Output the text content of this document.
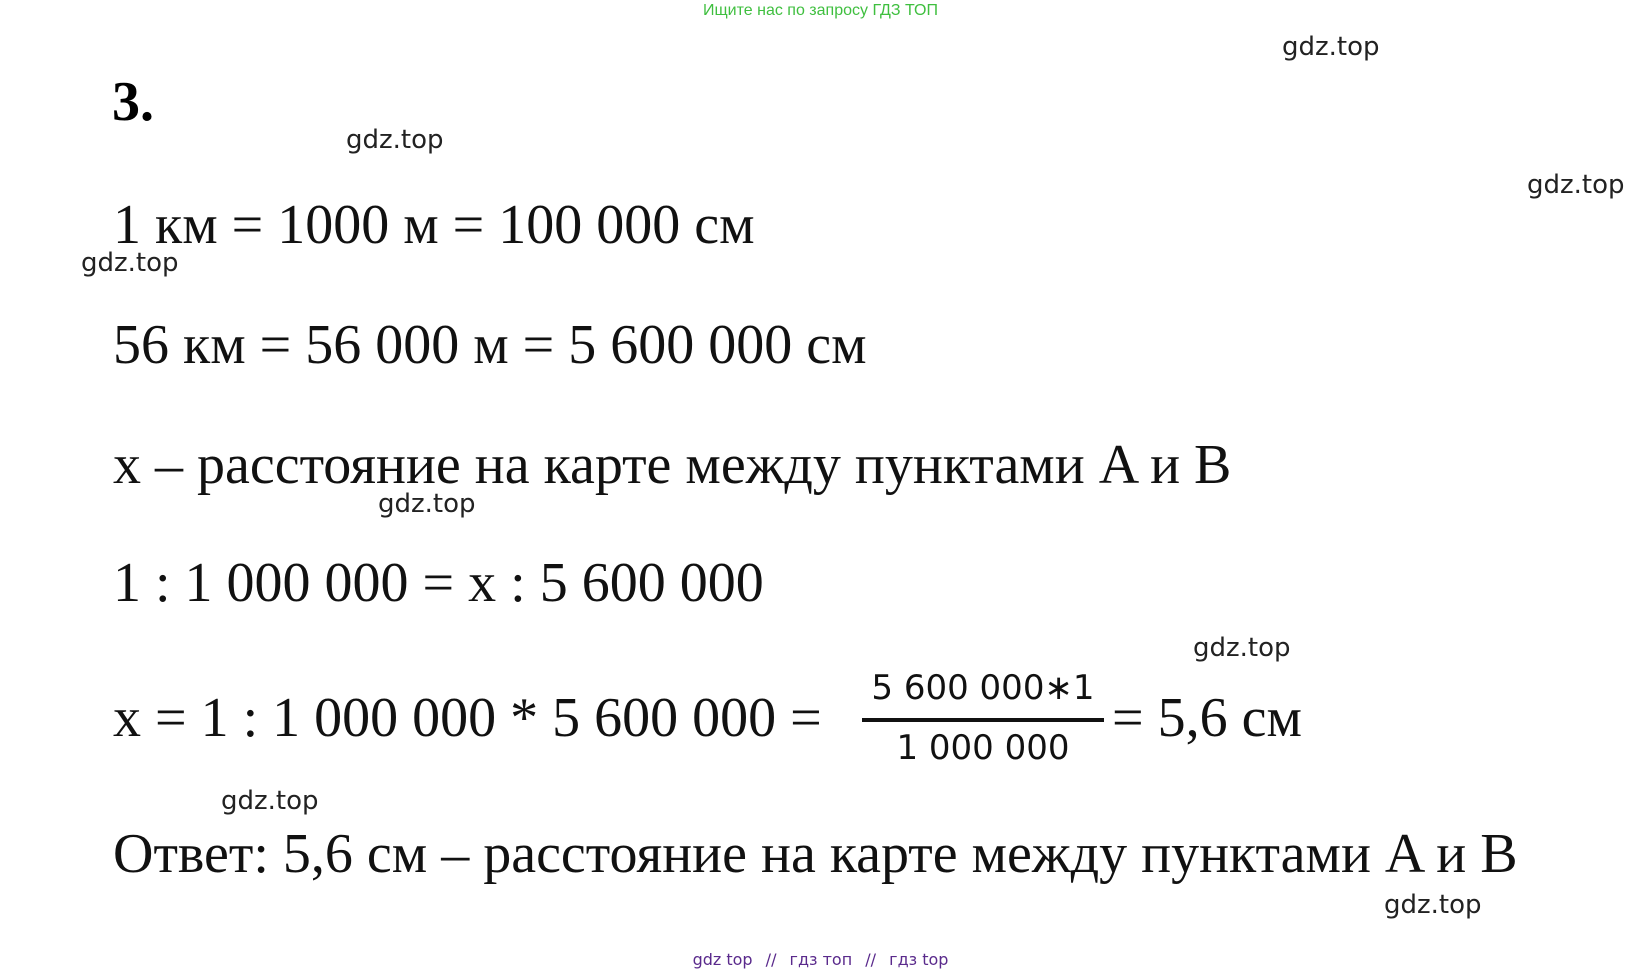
Ищите нас по запросу ГДЗ ТОП
gdz.top
gdz.top
gdz.top
gdz.top
gdz.top
gdz.top
gdz.top
gdz.top
3.
1 км = 1000 м = 100 000 см
56 км = 56 000 м = 5 600 000 см
x – расстояние на карте между пунктами A и B
1 : 1 000 000 = x : 5 600 000
x = 1 : 1 000 000 * 5 600 000 = 5 600 000∗1
1 000 000 = 5,6 см
Ответ: 5,6 см – расстояние на карте между пунктами A и B
gdz top // гдз топ // гдз top
